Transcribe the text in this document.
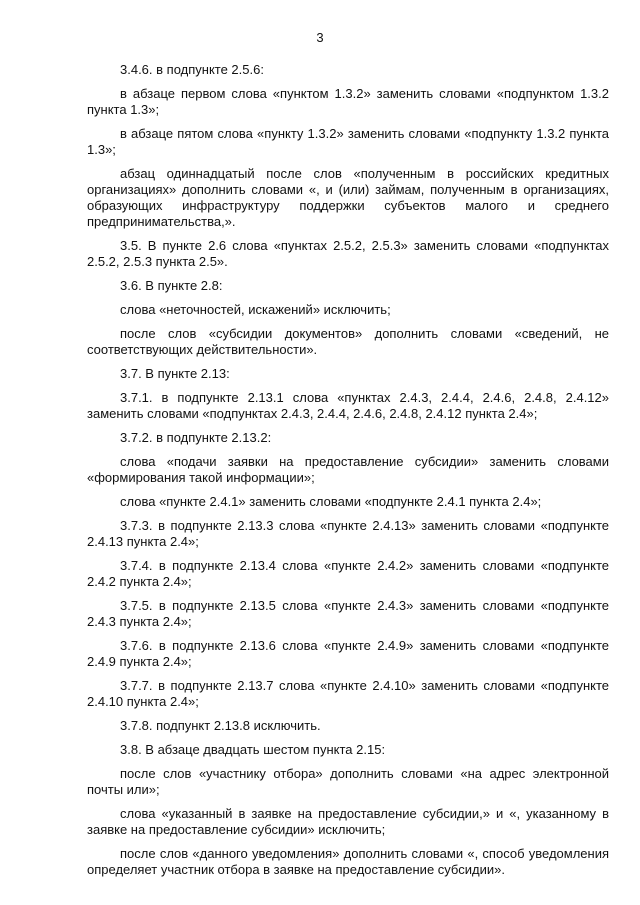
3

3.4.6. в подпункте 2.5.6:

в абзаце первом слова «пунктом 1.3.2» заменить словами «подпунктом 1.3.2 пункта 1.3»;

в абзаце пятом слова «пункту 1.3.2» заменить словами «подпункту 1.3.2 пункта 1.3»;

абзац одиннадцатый после слов «полученным в российских кредитных организациях» дополнить словами «, и (или) займам, полученным в организациях, образующих инфраструктуру поддержки субъектов малого и среднего предпринимательства,».

3.5. В пункте 2.6 слова «пунктах 2.5.2, 2.5.3» заменить словами «подпунктах 2.5.2, 2.5.3 пункта 2.5».

3.6. В пункте 2.8:

слова «неточностей, искажений» исключить;

после слов «субсидии документов» дополнить словами «сведений, не соответствующих действительности».

3.7. В пункте 2.13:

3.7.1. в подпункте 2.13.1 слова «пунктах 2.4.3, 2.4.4, 2.4.6, 2.4.8, 2.4.12» заменить словами «подпунктах 2.4.3, 2.4.4, 2.4.6, 2.4.8, 2.4.12 пункта 2.4»;

3.7.2. в подпункте 2.13.2:

слова «подачи заявки на предоставление субсидии» заменить словами «формирования такой информации»;

слова «пункте 2.4.1» заменить словами «подпункте 2.4.1 пункта 2.4»;

3.7.3. в подпункте 2.13.3 слова «пункте 2.4.13» заменить словами «подпункте 2.4.13 пункта 2.4»;

3.7.4. в подпункте 2.13.4 слова «пункте 2.4.2» заменить словами «подпункте 2.4.2 пункта 2.4»;

3.7.5. в подпункте 2.13.5 слова «пункте 2.4.3» заменить словами «подпункте 2.4.3 пункта 2.4»;

3.7.6. в подпункте 2.13.6 слова «пункте 2.4.9» заменить словами «подпункте 2.4.9 пункта 2.4»;

3.7.7. в подпункте 2.13.7 слова «пункте 2.4.10» заменить словами «подпункте 2.4.10 пункта 2.4»;

3.7.8. подпункт 2.13.8 исключить.

3.8. В абзаце двадцать шестом пункта 2.15:

после слов «участнику отбора» дополнить словами «на адрес электронной почты или»;

слова «указанный в заявке на предоставление субсидии,» и «, указанному в заявке на предоставление субсидии» исключить;

после слов «данного уведомления» дополнить словами «, способ уведомления определяет участник отбора в заявке на предоставление субсидии».
